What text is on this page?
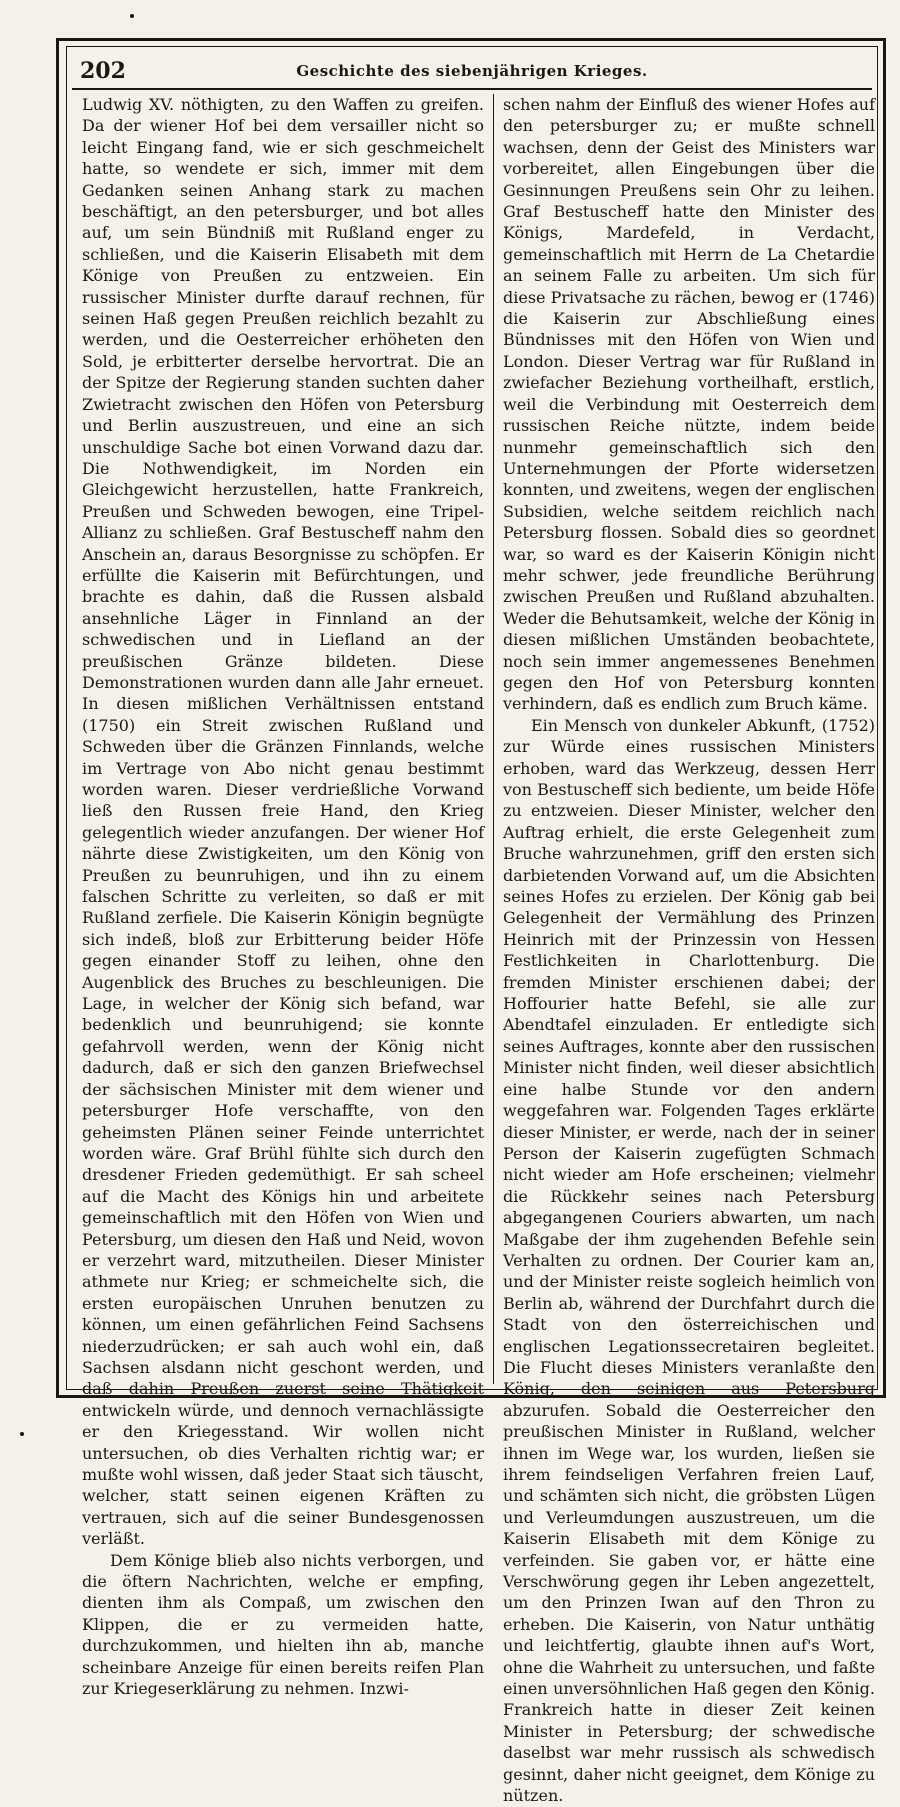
202	Geschichte des siebenjährigen Krieges.

Ludwig XV. nöthigten, zu den Waffen zu greifen. Da der wiener Hof bei dem versailler nicht so leicht Eingang fand, wie er sich geschmeichelt hatte, so wendete er sich, immer mit dem Gedanken seinen Anhang stark zu machen beschäftigt, an den petersburger, und bot alles auf, um sein Bündniß mit Rußland enger zu schließen, und die Kaiserin Elisabeth mit dem Könige von Preußen zu entzweien. Ein russischer Minister durfte darauf rechnen, für seinen Haß gegen Preußen reichlich bezahlt zu werden, und die Oesterreicher erhöheten den Sold, je erbitterter derselbe hervortrat. Die an der Spitze der Regierung standen suchten daher Zwietracht zwischen den Höfen von Petersburg und Berlin auszustreuen, und eine an sich unschuldige Sache bot einen Vorwand dazu dar. Die Nothwendigkeit, im Norden ein Gleichgewicht herzustellen, hatte Frankreich, Preußen und Schweden bewogen, eine Tripel-Allianz zu schließen. Graf Bestuscheff nahm den Anschein an, daraus Besorgnisse zu schöpfen. Er erfüllte die Kaiserin mit Befürchtungen, und brachte es dahin, daß die Russen alsbald ansehnliche Läger in Finnland an der schwedischen und in Liefland an der preußischen Gränze bildeten. Diese Demonstrationen wurden dann alle Jahr erneuet. In diesen mißlichen Verhältnissen entstand (1750) ein Streit zwischen Rußland und Schweden über die Gränzen Finnlands, welche im Vertrage von Abo nicht genau bestimmt worden waren. Dieser verdrießliche Vorwand ließ den Russen freie Hand, den Krieg gelegentlich wieder anzufangen. Der wiener Hof nährte diese Zwistigkeiten, um den König von Preußen zu beunruhigen, und ihn zu einem falschen Schritte zu verleiten, so daß er mit Rußland zerfiele. Die Kaiserin Königin begnügte sich indeß, bloß zur Erbitterung beider Höfe gegen einander Stoff zu leihen, ohne den Augenblick des Bruches zu beschleunigen. Die Lage, in welcher der König sich befand, war bedenklich und beunruhigend; sie konnte gefahrvoll werden, wenn der König nicht dadurch, daß er sich den ganzen Briefwechsel der sächsischen Minister mit dem wiener und petersburger Hofe verschaffte, von den geheimsten Plänen seiner Feinde unterrichtet worden wäre. Graf Brühl fühlte sich durch den dresdener Frieden gedemüthigt. Er sah scheel auf die Macht des Königs hin und arbeitete gemeinschaftlich mit den Höfen von Wien und Petersburg, um diesen den Haß und Neid, wovon er verzehrt ward, mitzutheilen. Dieser Minister athmete nur Krieg; er schmeichelte sich, die ersten europäischen Unruhen benutzen zu können, um einen gefährlichen Feind Sachsens niederzudrücken; er sah auch wohl ein, daß Sachsen alsdann nicht geschont werden, und daß dahin Preußen zuerst seine Thätigkeit entwickeln würde, und dennoch vernachlässigte er den Kriegesstand. Wir wollen nicht untersuchen, ob dies Verhalten richtig war; er mußte wohl wissen, daß jeder Staat sich täuscht, welcher, statt seinen eigenen Kräften zu vertrauen, sich auf die seiner Bundesgenossen verläßt.

Dem Könige blieb also nichts verborgen, und die öftern Nachrichten, welche er empfing, dienten ihm als Compaß, um zwischen den Klippen, die er zu vermeiden hatte, durchzukommen, und hielten ihn ab, manche scheinbare Anzeige für einen bereits reifen Plan zur Kriegeserklärung zu nehmen. Inzwi-

schen nahm der Einfluß des wiener Hofes auf den petersburger zu; er mußte schnell wachsen, denn der Geist des Ministers war vorbereitet, allen Eingebungen über die Gesinnungen Preußens sein Ohr zu leihen. Graf Bestuscheff hatte den Minister des Königs, Mardefeld, in Verdacht, gemeinschaftlich mit Herrn de La Chetardie an seinem Falle zu arbeiten. Um sich für diese Privatsache zu rächen, bewog er (1746) die Kaiserin zur Abschließung eines Bündnisses mit den Höfen von Wien und London. Dieser Vertrag war für Rußland in zwiefacher Beziehung vortheilhaft, erstlich, weil die Verbindung mit Oesterreich dem russischen Reiche nützte, indem beide nunmehr gemeinschaftlich sich den Unternehmungen der Pforte widersetzen konnten, und zweitens, wegen der englischen Subsidien, welche seitdem reichlich nach Petersburg flossen. Sobald dies so geordnet war, so ward es der Kaiserin Königin nicht mehr schwer, jede freundliche Berührung zwischen Preußen und Rußland abzuhalten. Weder die Behutsamkeit, welche der König in diesen mißlichen Umständen beobachtete, noch sein immer angemessenes Benehmen gegen den Hof von Petersburg konnten verhindern, daß es endlich zum Bruch käme.

Ein Mensch von dunkeler Abkunft, (1752) zur Würde eines russischen Ministers erhoben, ward das Werkzeug, dessen Herr von Bestuscheff sich bediente, um beide Höfe zu entzweien. Dieser Minister, welcher den Auftrag erhielt, die erste Gelegenheit zum Bruche wahrzunehmen, griff den ersten sich darbietenden Vorwand auf, um die Absichten seines Hofes zu erzielen. Der König gab bei Gelegenheit der Vermählung des Prinzen Heinrich mit der Prinzessin von Hessen Festlichkeiten in Charlottenburg. Die fremden Minister erschienen dabei; der Hoffourier hatte Befehl, sie alle zur Abendtafel einzuladen. Er entledigte sich seines Auftrages, konnte aber den russischen Minister nicht finden, weil dieser absichtlich eine halbe Stunde vor den andern weggefahren war. Folgenden Tages erklärte dieser Minister, er werde, nach der in seiner Person der Kaiserin zugefügten Schmach nicht wieder am Hofe erscheinen; vielmehr die Rückkehr seines nach Petersburg abgegangenen Couriers abwarten, um nach Maßgabe der ihm zugehenden Befehle sein Verhalten zu ordnen. Der Courier kam an, und der Minister reiste sogleich heimlich von Berlin ab, während der Durchfahrt durch die Stadt von den österreichischen und englischen Legationssecretairen begleitet. Die Flucht dieses Ministers veranlaßte den König, den seinigen aus Petersburg abzurufen. Sobald die Oesterreicher den preußischen Minister in Rußland, welcher ihnen im Wege war, los wurden, ließen sie ihrem feindseligen Verfahren freien Lauf, und schämten sich nicht, die gröbsten Lügen und Verleumdungen auszustreuen, um die Kaiserin Elisabeth mit dem Könige zu verfeinden. Sie gaben vor, er hätte eine Verschwörung gegen ihr Leben angezettelt, um den Prinzen Iwan auf den Thron zu erheben. Die Kaiserin, von Natur unthätig und leichtfertig, glaubte ihnen auf's Wort, ohne die Wahrheit zu untersuchen, und faßte einen unversöhnlichen Haß gegen den König. Frankreich hatte in dieser Zeit keinen Minister in Petersburg; der schwedische daselbst war mehr russisch als schwedisch gesinnt, daher nicht geeignet, dem Könige zu nützen.
